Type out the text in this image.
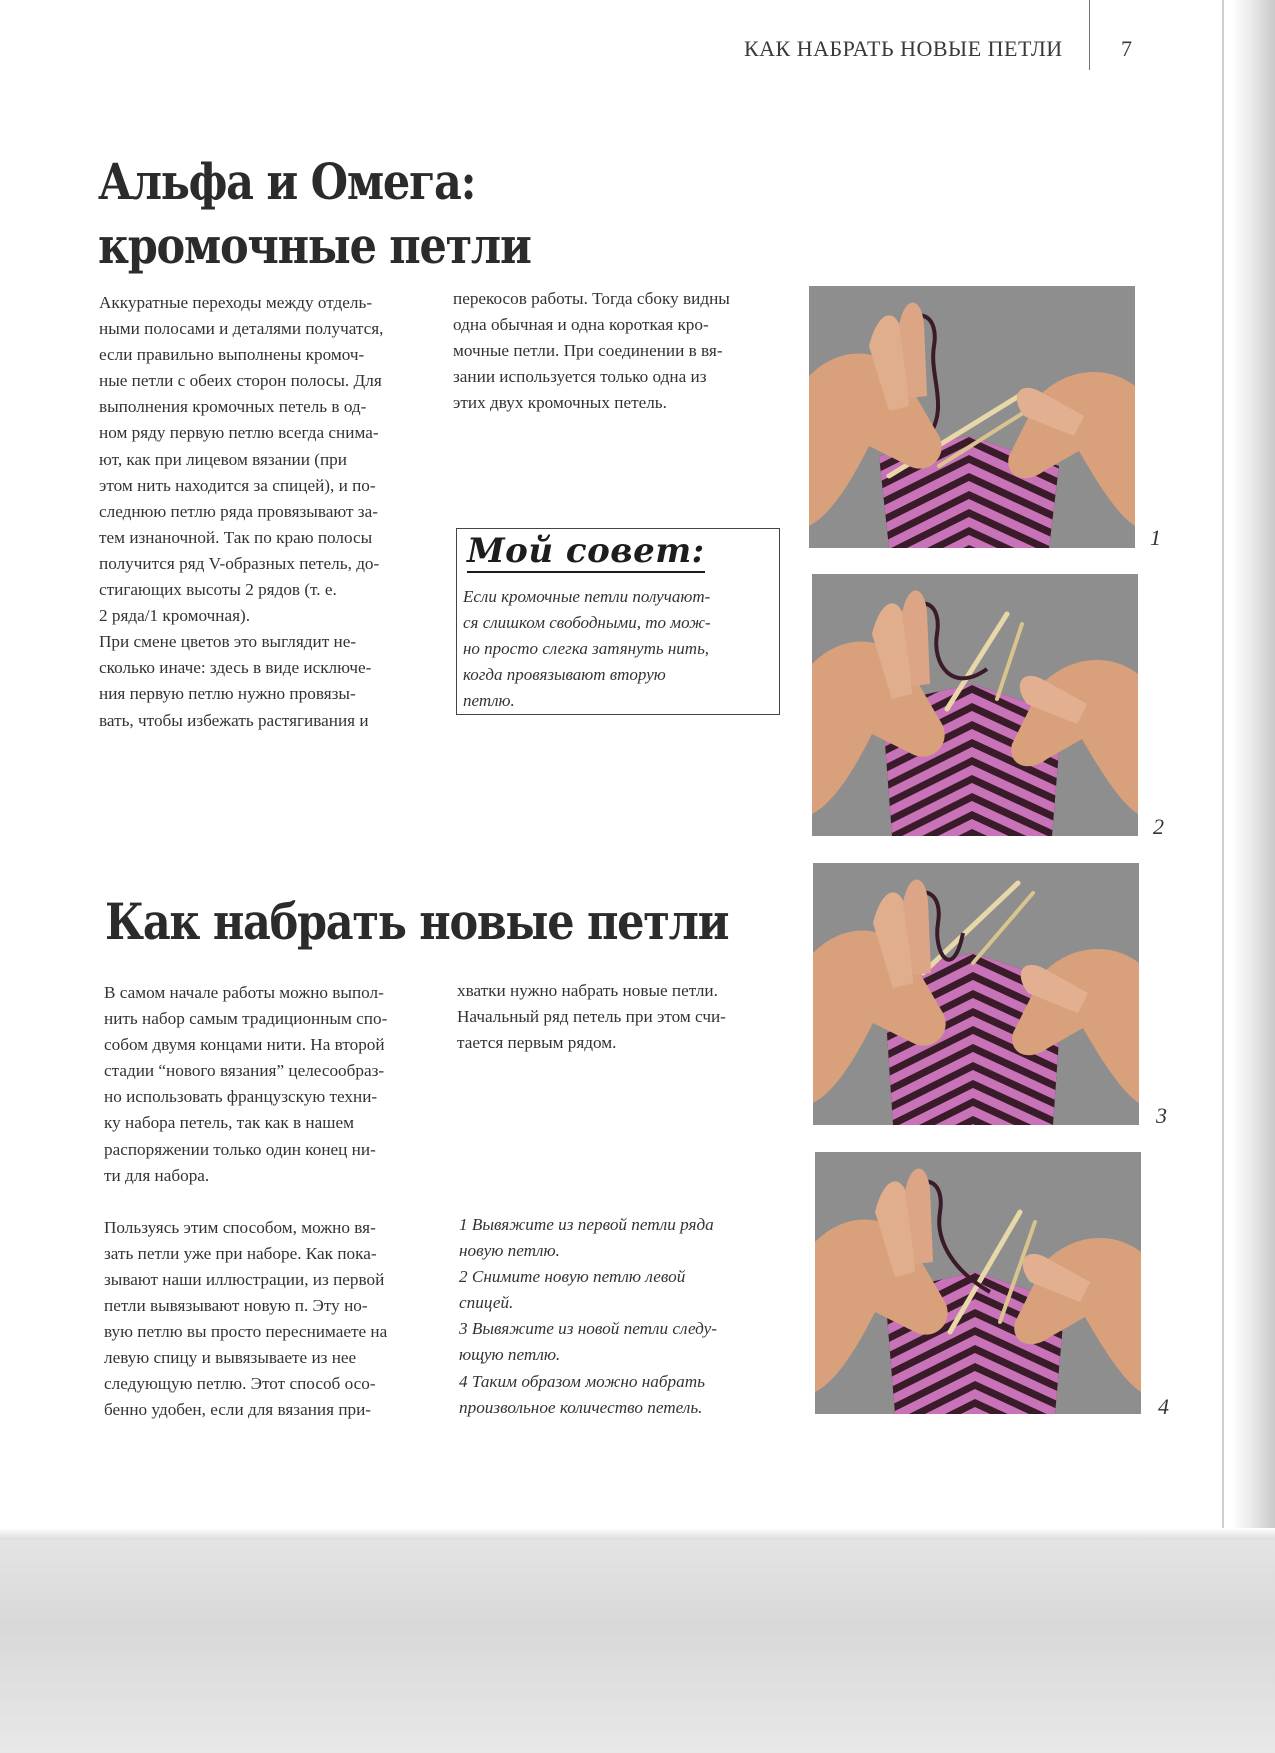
КАК НАБРАТЬ НОВЫЕ ПЕТЛИ	7
Альфа и Омега:
кромочные петли
Аккуратные переходы между отдель-
ными полосами и деталями получатся,
если правильно выполнены кромоч-
ные петли с обеих сторон полосы. Для
выполнения кромочных петель в од-
ном ряду первую петлю всегда снима-
ют, как при лицевом вязании (при
этом нить находится за спицей), и по-
следнюю петлю ряда провязывают за-
тем изнаночной. Так по краю полосы
получится ряд V-образных петель, до-
стигающих высоты 2 рядов (т. е.
2 ряда/1 кромочная).
При смене цветов это выглядит не-
сколько иначе: здесь в виде исключе-
ния первую петлю нужно провязы-
вать, чтобы избежать растягивания и
перекосов работы. Тогда сбоку видны
одна обычная и одна короткая кро-
мочные петли. При соединении в вя-
зании используется только одна из
этих двух кромочных петель.
Мой совет:
Если кромочные петли получают-
ся слишком свободными, то мож-
но просто слегка затянуть нить,
когда провязывают вторую
петлю.
Как набрать новые петли
В самом начале работы можно выпол-
нить набор самым традиционным спо-
собом двумя концами нити. На второй
стадии “нового вязания” целесообраз-
но использовать французскую техни-
ку набора петель, так как в нашем
распоряжении только один конец ни-
ти для набора.
Пользуясь этим способом, можно вя-
зать петли уже при наборе. Как пока-
зывают наши иллюстрации, из первой
петли вывязывают новую п. Эту но-
вую петлю вы просто переснимаете на
левую спицу и вывязываете из нее
следующую петлю. Этот способ осо-
бенно удобен, если для вязания при-
хватки нужно набрать новые петли.
Начальный ряд петель при этом счи-
тается первым рядом.
1 Вывяжите из первой петли ряда
новую петлю.
2 Снимите новую петлю левой
спицей.
3 Вывяжите из новой петли следу-
ющую петлю.
4 Таким образом можно набрать
произвольное количество петель.
1
2
3
4
